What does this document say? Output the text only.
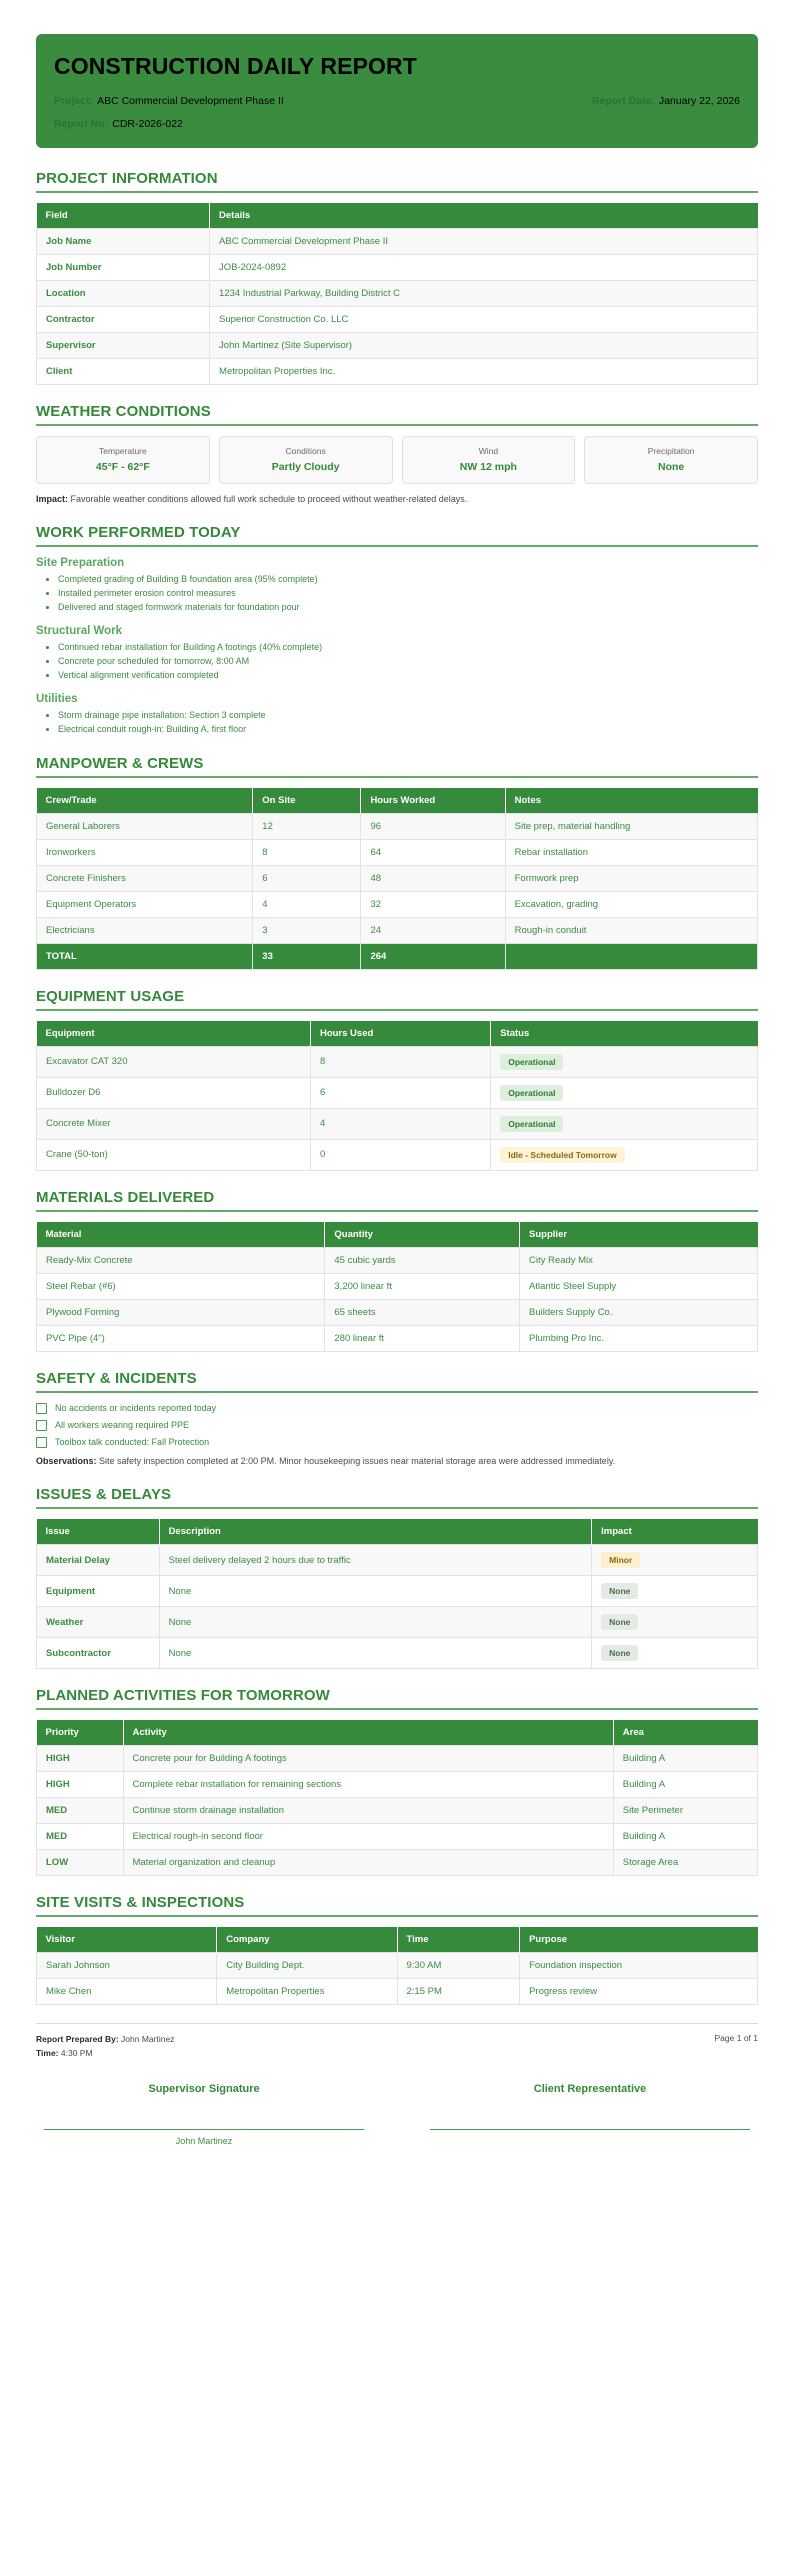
CONSTRUCTION DAILY REPORT
Project: ABC Commercial Development Phase II	Report Date: January 22, 2026
Report No: CDR-2026-022
PROJECT INFORMATION
Field	Details
Job Name	ABC Commercial Development Phase II
Job Number	JOB-2024-0892
Location	1234 Industrial Parkway, Building District C
Contractor	Superior Construction Co. LLC
Supervisor	John Martinez (Site Supervisor)
Client	Metropolitan Properties Inc.
WEATHER CONDITIONS
Temperature
45°F - 62°F
Conditions
Partly Cloudy
Wind
NW 12 mph
Precipitation
None
Impact: Favorable weather conditions allowed full work schedule to proceed without weather-related delays.
WORK PERFORMED TODAY
Site Preparation
• Completed grading of Building B foundation area (95% complete)
• Installed perimeter erosion control measures
• Delivered and staged formwork materials for foundation pour
Structural Work
• Continued rebar installation for Building A footings (40% complete)
• Concrete pour scheduled for tomorrow, 8:00 AM
• Vertical alignment verification completed
Utilities
• Storm drainage pipe installation: Section 3 complete
• Electrical conduit rough-in: Building A, first floor
MANPOWER & CREWS
Crew/Trade	On Site	Hours Worked	Notes
General Laborers	12	96	Site prep, material handling
Ironworkers	8	64	Rebar installation
Concrete Finishers	6	48	Formwork prep
Equipment Operators	4	32	Excavation, grading
Electricians	3	24	Rough-in conduit
TOTAL	33	264	
EQUIPMENT USAGE
Equipment	Hours Used	Status
Excavator CAT 320	8	Operational
Bulldozer D6	6	Operational
Concrete Mixer	4	Operational
Crane (50-ton)	0	Idle - Scheduled Tomorrow
MATERIALS DELIVERED
Material	Quantity	Supplier
Ready-Mix Concrete	45 cubic yards	City Ready Mix
Steel Rebar (#6)	3,200 linear ft	Atlantic Steel Supply
Plywood Forming	65 sheets	Builders Supply Co.
PVC Pipe (4")	280 linear ft	Plumbing Pro Inc.
SAFETY & INCIDENTS
No accidents or incidents reported today
All workers wearing required PPE
Toolbox talk conducted: Fall Protection
Observations: Site safety inspection completed at 2:00 PM. Minor housekeeping issues near material storage area were addressed immediately.
ISSUES & DELAYS
Issue	Description	Impact
Material Delay	Steel delivery delayed 2 hours due to traffic	Minor
Equipment	None	None
Weather	None	None
Subcontractor	None	None
PLANNED ACTIVITIES FOR TOMORROW
Priority	Activity	Area
HIGH	Concrete pour for Building A footings	Building A
HIGH	Complete rebar installation for remaining sections	Building A
MED	Continue storm drainage installation	Site Perimeter
MED	Electrical rough-in second floor	Building A
LOW	Material organization and cleanup	Storage Area
SITE VISITS & INSPECTIONS
Visitor	Company	Time	Purpose
Sarah Johnson	City Building Dept.	9:30 AM	Foundation inspection
Mike Chen	Metropolitan Properties	2:15 PM	Progress review
Report Prepared By: John Martinez
Time: 4:30 PM
Page 1 of 1
Supervisor Signature
John Martinez
Client Representative
